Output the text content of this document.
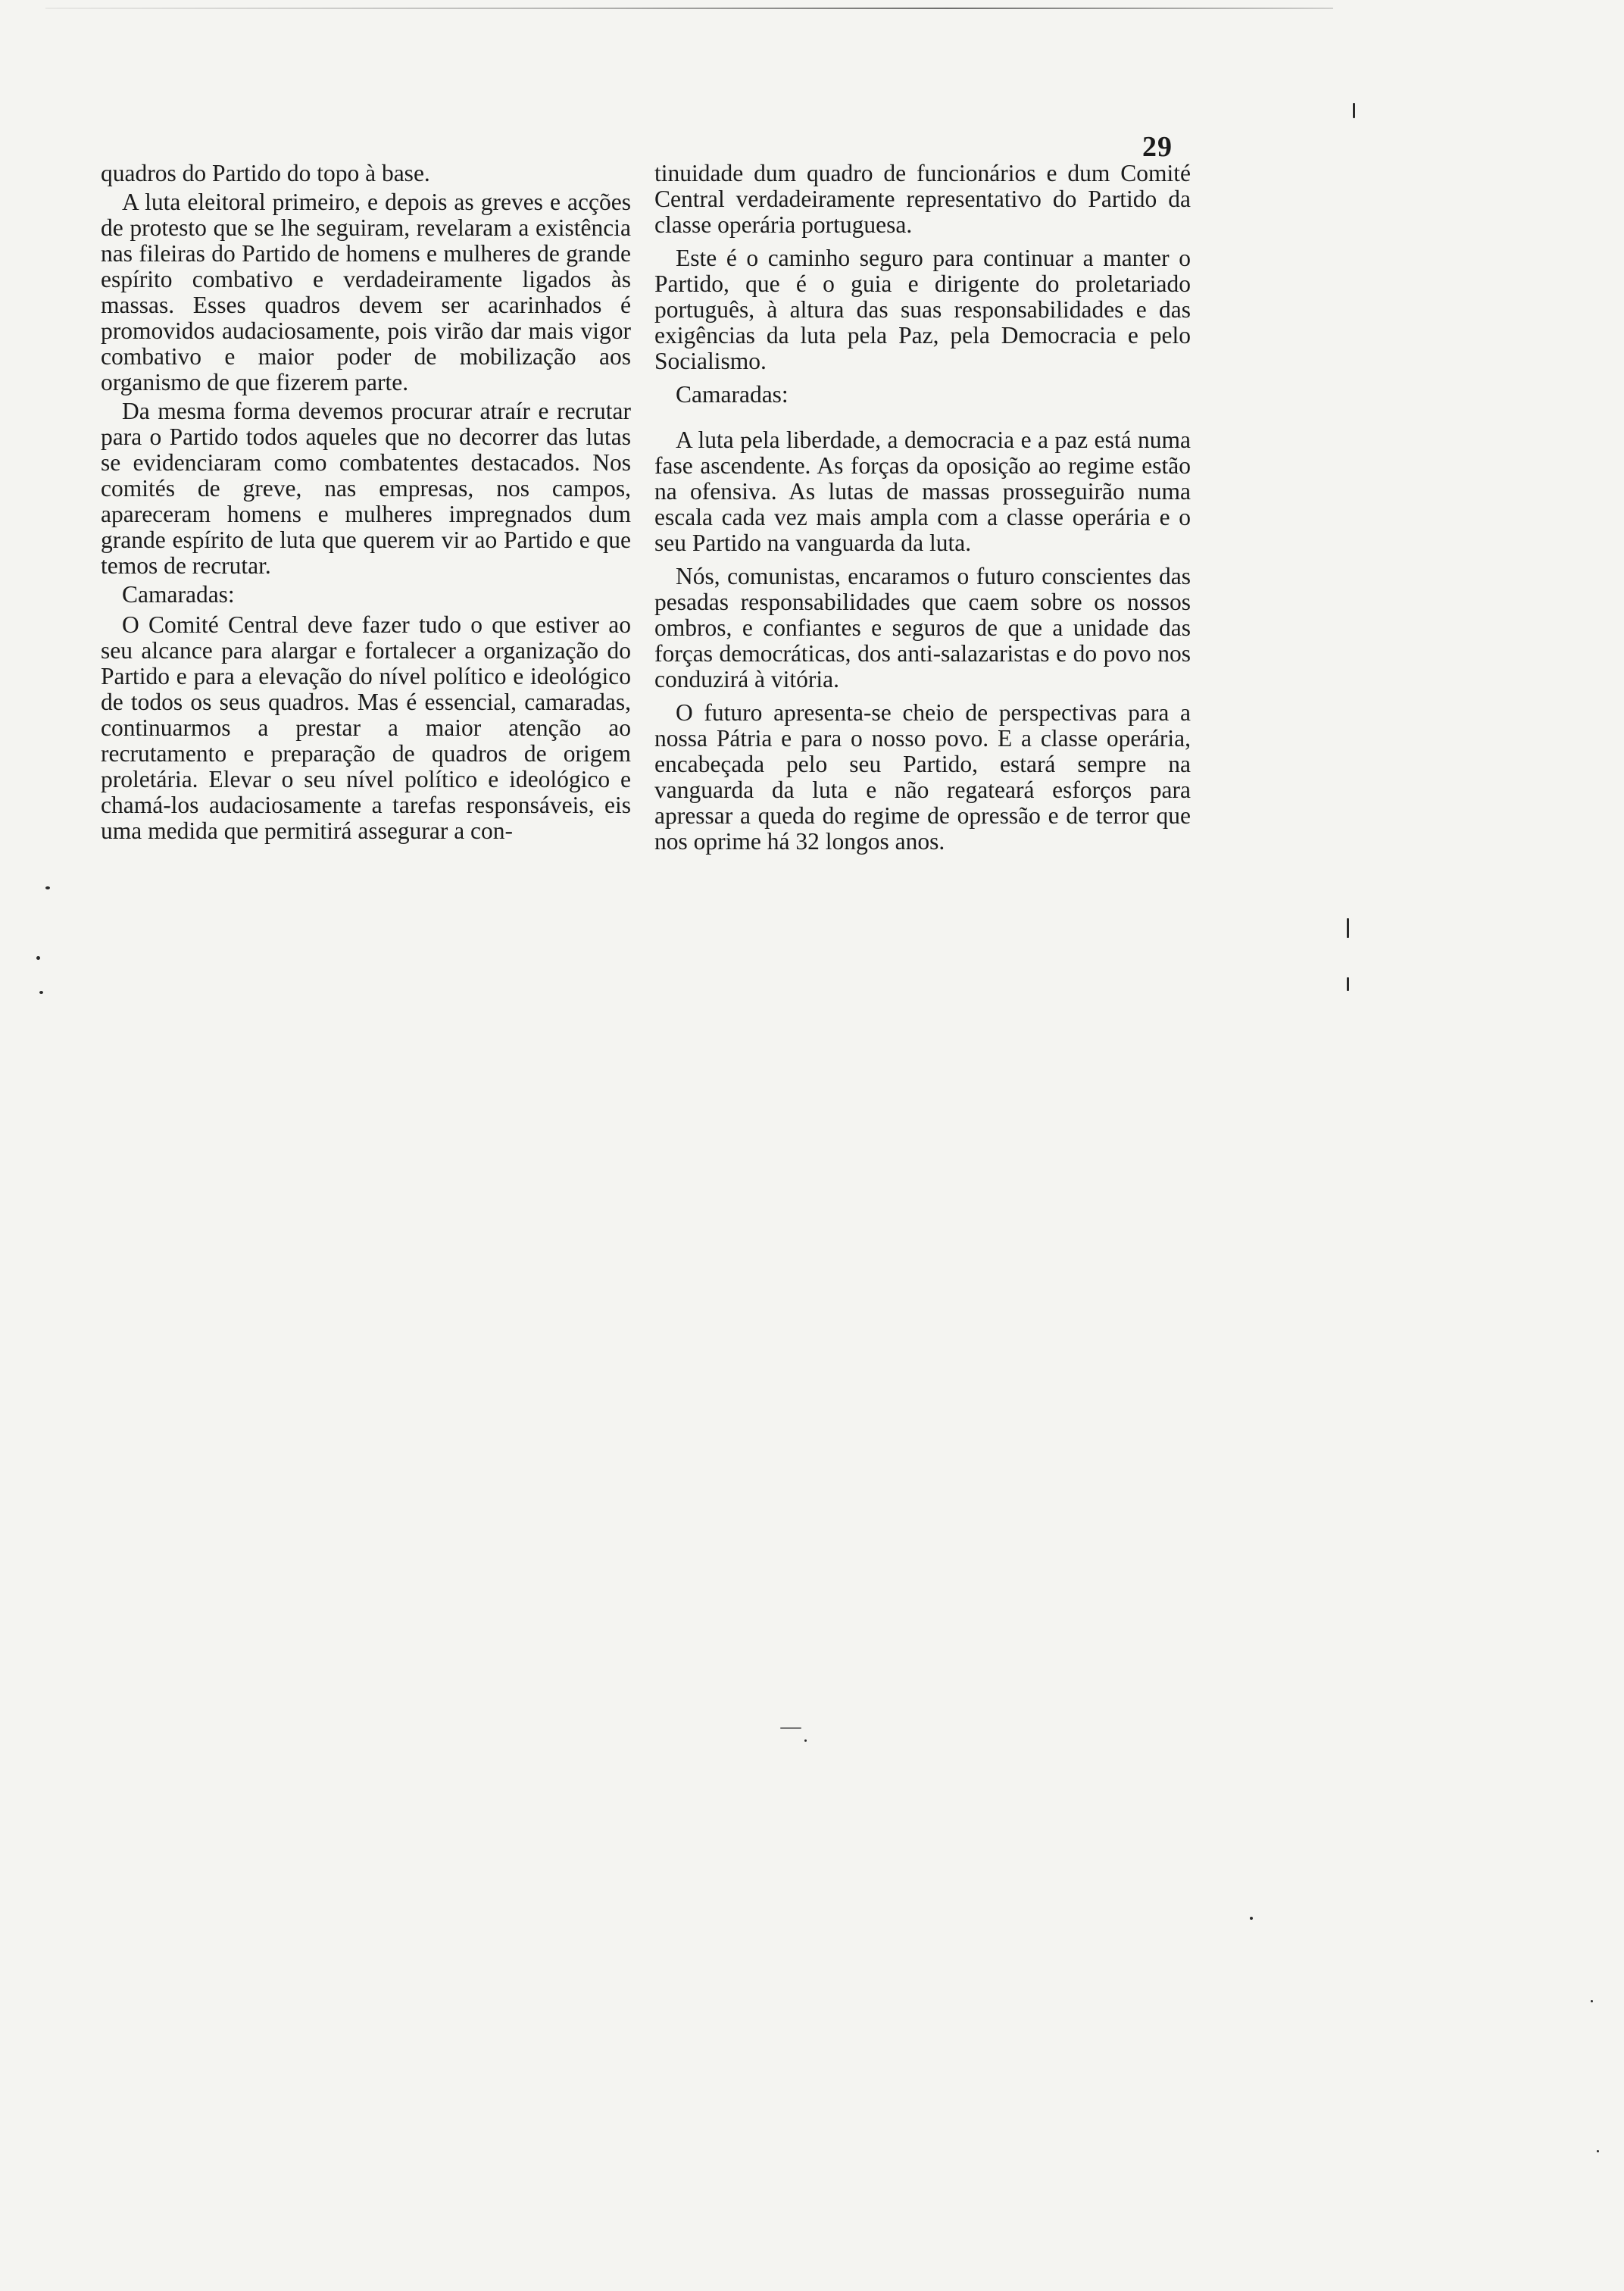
29

quadros do Partido do topo à base.

A luta eleitoral primeiro, e depois as greves e acções de protesto que se lhe seguiram, revelaram a existência nas fileiras do Partido de homens e mulheres de grande espírito combativo e verdadeiramente ligados às massas. Esses quadros devem ser acarinhados é promovidos audaciosamente, pois virão dar mais vigor combativo e maior poder de mobilização aos organismo de que fizerem parte.

Da mesma forma devemos procurar atraír e recrutar para o Partido todos aqueles que no decorrer das lutas se evidenciaram como combatentes destacados. Nos comités de greve, nas empresas, nos campos, apareceram homens e mulheres impregnados dum grande espírito de luta que querem vir ao Partido e que temos de recrutar.

Camaradas:

O Comité Central deve fazer tudo o que estiver ao seu alcance para alargar e fortalecer a organização do Partido e para a elevação do nível político e ideológico de todos os seus quadros. Mas é essencial, camaradas, continuarmos a prestar a maior atenção ao recrutamento e preparação de quadros de origem proletária. Elevar o seu nível político e ideológico e chamá-los audaciosamente a tarefas responsáveis, eis uma medida que permitirá assegurar a con-

tinuidade dum quadro de funcionários e dum Comité Central verdadeiramente representativo do Partido da classe operária portuguesa.

Este é o caminho seguro para continuar a manter o Partido, que é o guia e dirigente do proletariado português, à altura das suas responsabilidades e das exigências da luta pela Paz, pela Democracia e pelo Socialismo.

Camaradas:

A luta pela liberdade, a democracia e a paz está numa fase ascendente. As forças da oposição ao regime estão na ofensiva. As lutas de massas prosseguirão numa escala cada vez mais ampla com a classe operária e o seu Partido na vanguarda da luta.

Nós, comunistas, encaramos o futuro conscientes das pesadas responsabilidades que caem sobre os nossos ombros, e confiantes e seguros de que a unidade das forças democráticas, dos anti-salazaristas e do povo nos conduzirá à vitória.

O futuro apresenta-se cheio de perspectivas para a nossa Pátria e para o nosso povo. E a classe operária, encabeçada pelo seu Partido, estará sempre na vanguarda da luta e não regateará esforços para apressar a queda do regime de opressão e de terror que nos oprime há 32 longos anos.
